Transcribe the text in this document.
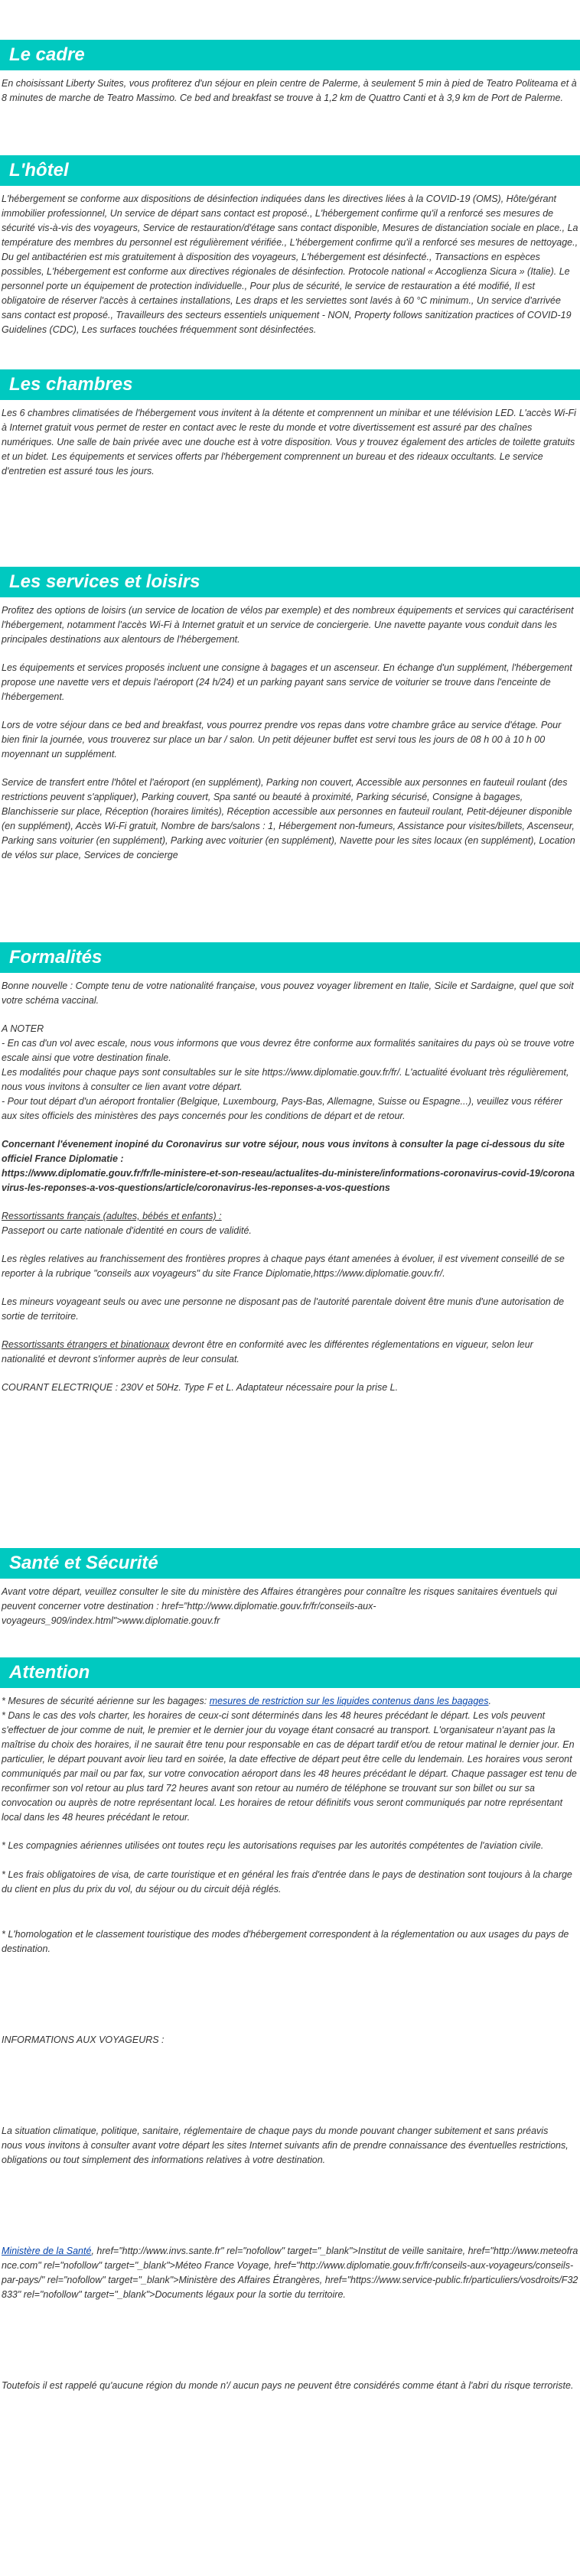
Le cadre

En choisissant Liberty Suites, vous profiterez d'un séjour en plein centre de Palerme, à seulement 5 min à pied de Teatro Politeama et à 8 minutes de marche de Teatro Massimo. Ce bed and breakfast se trouve à 1,2 km de Quattro Canti et à 3,9 km de Port de Palerme.

L'hôtel

L'hébergement se conforme aux dispositions de désinfection indiquées dans les directives liées à la COVID-19 (OMS), Hôte/gérant immobilier professionnel, Un service de départ sans contact est proposé., L'hébergement confirme qu'il a renforcé ses mesures de sécurité vis-à-vis des voyageurs, Service de restauration/d'étage sans contact disponible, Mesures de distanciation sociale en place., La température des membres du personnel est régulièrement vérifiée., L'hébergement confirme qu'il a renforcé ses mesures de nettoyage., Du gel antibactérien est mis gratuitement à disposition des voyageurs, L'hébergement est désinfecté., Transactions en espèces possibles, L'hébergement est conforme aux directives régionales de désinfection. Protocole national « Accoglienza Sicura » (Italie). Le personnel porte un équipement de protection individuelle., Pour plus de sécurité, le service de restauration a été modifié, Il est obligatoire de réserver l'accès à certaines installations, Les draps et les serviettes sont lavés à 60 °C minimum., Un service d'arrivée sans contact est proposé., Travailleurs des secteurs essentiels uniquement - NON, Property follows sanitization practices of COVID-19 Guidelines (CDC), Les surfaces touchées fréquemment sont désinfectées.

Les chambres

Les 6 chambres climatisées de l'hébergement vous invitent à la détente et comprennent un minibar et une télévision LED. L'accès Wi-Fi à Internet gratuit vous permet de rester en contact avec le reste du monde et votre divertissement est assuré par des chaînes numériques. Une salle de bain privée avec une douche est à votre disposition. Vous y trouvez également des articles de toilette gratuits et un bidet. Les équipements et services offerts par l'hébergement comprennent un bureau et des rideaux occultants. Le service d'entretien est assuré tous les jours.

Les services et loisirs

Profitez des options de loisirs (un service de location de vélos par exemple) et des nombreux équipements et services qui caractérisent l'hébergement, notamment l'accès Wi-Fi à Internet gratuit et un service de conciergerie. Une navette payante vous conduit dans les principales destinations aux alentours de l'hébergement.

Les équipements et services proposés incluent une consigne à bagages et un ascenseur. En échange d'un supplément, l'hébergement propose une navette vers et depuis l'aéroport (24 h/24) et un parking payant sans service de voiturier se trouve dans l'enceinte de l'hébergement.

Lors de votre séjour dans ce bed and breakfast, vous pourrez prendre vos repas dans votre chambre grâce au service d'étage. Pour bien finir la journée, vous trouverez sur place un bar / salon. Un petit déjeuner buffet est servi tous les jours de 08 h 00 à 10 h 00 moyennant un supplément.

Service de transfert entre l'hôtel et l'aéroport (en supplément), Parking non couvert, Accessible aux personnes en fauteuil roulant (des restrictions peuvent s'appliquer), Parking couvert, Spa santé ou beauté à proximité, Parking sécurisé, Consigne à bagages, Blanchisserie sur place, Réception (horaires limités), Réception accessible aux personnes en fauteuil roulant, Petit-déjeuner disponible (en supplément), Accès Wi-Fi gratuit, Nombre de bars/salons : 1, Hébergement non-fumeurs, Assistance pour visites/billets, Ascenseur, Parking sans voiturier (en supplément), Parking avec voiturier (en supplément), Navette pour les sites locaux (en supplément), Location de vélos sur place, Services de concierge

Formalités

Bonne nouvelle : Compte tenu de votre nationalité française, vous pouvez voyager librement en Italie, Sicile et Sardaigne, quel que soit votre schéma vaccinal.

A NOTER
- En cas d'un vol avec escale, nous vous informons que vous devrez être conforme aux formalités sanitaires du pays où se trouve votre escale ainsi que votre destination finale.
Les modalités pour chaque pays sont consultables sur le site https://www.diplomatie.gouv.fr/fr/. L'actualité évoluant très régulièrement, nous vous invitons à consulter ce lien avant votre départ.
- Pour tout départ d'un aéroport frontalier (Belgique, Luxembourg, Pays-Bas, Allemagne, Suisse ou Espagne...), veuillez vous référer aux sites officiels des ministères des pays concernés pour les conditions de départ et de retour.

Concernant l'évenement inopiné du Coronavirus sur votre séjour, nous vous invitons à consulter la page ci-dessous du site officiel France Diplomatie :
https://www.diplomatie.gouv.fr/fr/le-ministere-et-son-reseau/actualites-du-ministere/informations-coronavirus-covid-19/coronavirus-les-reponses-a-vos-questions/article/coronavirus-les-reponses-a-vos-questions

Ressortissants français (adultes, bébés et enfants) :
Passeport ou carte nationale d'identité en cours de validité.

Les règles relatives au franchissement des frontières propres à chaque pays étant amenées à évoluer, il est vivement conseillé de se reporter à la rubrique "conseils aux voyageurs" du site France Diplomatie,https://www.diplomatie.gouv.fr/.

Les mineurs voyageant seuls ou avec une personne ne disposant pas de l'autorité parentale doivent être munis d'une autorisation de sortie de territoire.

Ressortissants étrangers et binationaux devront être en conformité avec les différentes réglementations en vigueur, selon leur nationalité et devront s'informer auprès de leur consulat.

COURANT ELECTRIQUE : 230V et 50Hz. Type F et L. Adaptateur nécessaire pour la prise L.

Santé et Sécurité

Avant votre départ, veuillez consulter le site du ministère des Affaires étrangères pour connaître les risques sanitaires éventuels qui peuvent concerner votre destination : href="http://www.diplomatie.gouv.fr/fr/conseils-aux-voyageurs_909/index.html">www.diplomatie.gouv.fr

Attention

* Mesures de sécurité aérienne sur les bagages: mesures de restriction sur les liquides contenus dans les bagages.

* Dans le cas des vols charter, les horaires de ceux-ci sont déterminés dans les 48 heures précédant le départ. Les vols peuvent s'effectuer de jour comme de nuit, le premier et le dernier jour du voyage étant consacré au transport. L'organisateur n'ayant pas la maîtrise du choix des horaires, il ne saurait être tenu pour responsable en cas de départ tardif et/ou de retour matinal le dernier jour. En particulier, le départ pouvant avoir lieu tard en soirée, la date effective de départ peut être celle du lendemain. Les horaires vous seront communiqués par mail ou par fax, sur votre convocation aéroport dans les 48 heures précédant le départ. Chaque passager est tenu de reconfirmer son vol retour au plus tard 72 heures avant son retour au numéro de téléphone se trouvant sur son billet ou sur sa convocation ou auprès de notre représentant local. Les horaires de retour définitifs vous seront communiqués par notre représentant local dans les 48 heures précédant le retour.

* Les compagnies aériennes utilisées ont toutes reçu les autorisations requises par les autorités compétentes de l'aviation civile.

* Les frais obligatoires de visa, de carte touristique et en général les frais d'entrée dans le pays de destination sont toujours à la charge du client en plus du prix du vol, du séjour ou du circuit déjà réglés.

* L'homologation et le classement touristique des modes d'hébergement correspondent à la réglementation ou aux usages du pays de destination.

INFORMATIONS AUX VOYAGEURS :

La situation climatique, politique, sanitaire, réglementaire de chaque pays du monde pouvant changer subitement et sans préavis
nous vous invitons à consulter avant votre départ les sites Internet suivants afin de prendre connaissance des éventuelles restrictions, obligations ou tout simplement des informations relatives à votre destination.

Ministère de la Santé, href="http://www.invs.sante.fr" rel="nofollow" target="_blank">Institut de veille sanitaire, href="http://www.meteofrance.com" rel="nofollow" target="_blank">Méteo France Voyage, href="http://www.diplomatie.gouv.fr/fr/conseils-aux-voyageurs/conseils-par-pays/" rel="nofollow" target="_blank">Ministère des Affaires Étrangères, href="https://www.service-public.fr/particuliers/vosdroits/F32833" rel="nofollow" target="_blank">Documents légaux pour la sortie du territoire.

Toutefois il est rappelé qu'aucune région du monde n'/ aucun pays ne peuvent être considérés comme étant à l'abri du risque terroriste.
